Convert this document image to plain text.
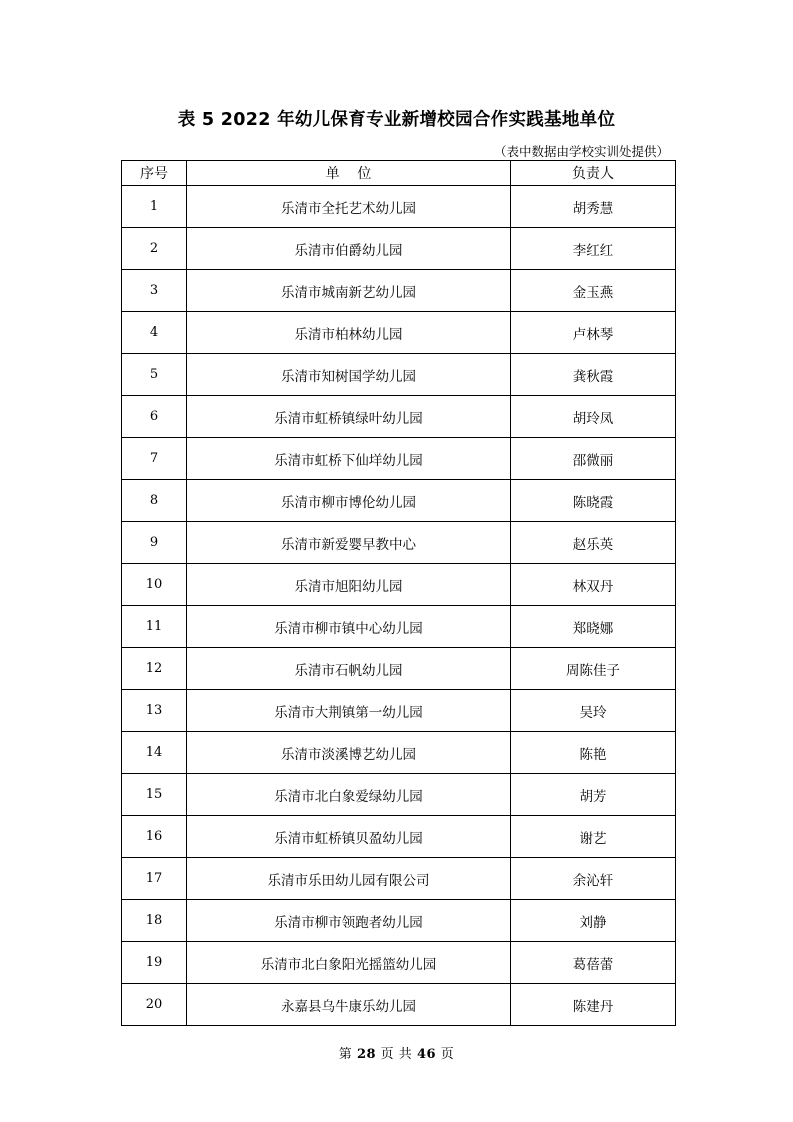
表 5 2022 年幼儿保育专业新增校园合作实践基地单位
（表中数据由学校实训处提供）
序号	单    位	负责人
1	乐清市全托艺术幼儿园	胡秀慧
2	乐清市伯爵幼儿园	李红红
3	乐清市城南新艺幼儿园	金玉燕
4	乐清市柏林幼儿园	卢林琴
5	乐清市知树国学幼儿园	龚秋霞
6	乐清市虹桥镇绿叶幼儿园	胡玲凤
7	乐清市虹桥下仙垟幼儿园	邵微丽
8	乐清市柳市博伦幼儿园	陈晓霞
9	乐清市新爱婴早教中心	赵乐英
10	乐清市旭阳幼儿园	林双丹
11	乐清市柳市镇中心幼儿园	郑晓娜
12	乐清市石帆幼儿园	周陈佳子
13	乐清市大荆镇第一幼儿园	吴玲
14	乐清市淡溪博艺幼儿园	陈艳
15	乐清市北白象爱绿幼儿园	胡芳
16	乐清市虹桥镇贝盈幼儿园	谢艺
17	乐清市乐田幼儿园有限公司	余沁轩
18	乐清市柳市领跑者幼儿园	刘静
19	乐清市北白象阳光摇篮幼儿园	葛蓓蕾
20	永嘉县乌牛康乐幼儿园	陈建丹
第 28 页 共 46 页
